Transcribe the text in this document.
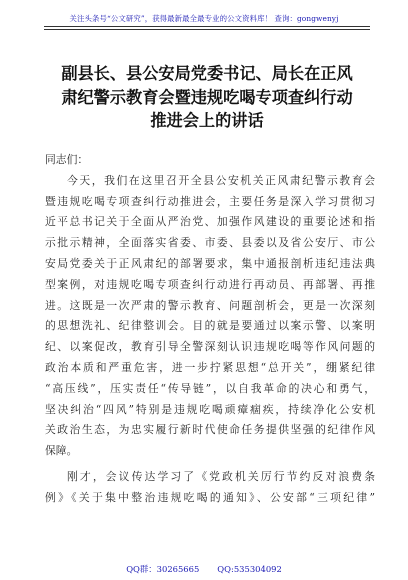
关注头条号“公文研究”，获得最新最全最专业的公文资料库！ 查询：gongwenyj
副县长、县公安局党委书记、局长在正风
肃纪警示教育会暨违规吃喝专项查纠行动
推进会上的讲话
同志们：
今天，我们在这里召开全县公安机关正风肃纪警示教育会
暨违规吃喝专项查纠行动推进会，主要任务是深入学习贯彻习
近平总书记关于全面从严治党、加强作风建设的重要论述和指
示批示精神，全面落实省委、市委、县委以及省公安厅、市公
安局党委关于正风肃纪的部署要求，集中通报剖析违纪违法典
型案例，对违规吃喝专项查纠行动进行再动员、再部署、再推
进。这既是一次严肃的警示教育、问题剖析会，更是一次深刻
的思想洗礼、纪律整训会。目的就是要通过以案示警、以案明
纪、以案促改，教育引导全警深刻认识违规吃喝等作风问题的
政治本质和严重危害，进一步拧紧思想“总开关”，绷紧纪律
“高压线”，压实责任“传导链”，以自我革命的决心和勇气，
坚决纠治“四风”特别是违规吃喝顽瘴痼疾，持续净化公安机
关政治生态，为忠实履行新时代使命任务提供坚强的纪律作风
保障。
刚才，会议传达学习了《党政机关厉行节约反对浪费条
例》《关于集中整治违规吃喝的通知》、公安部“三项纪律”
QQ群：30265665 QQ:535304092
